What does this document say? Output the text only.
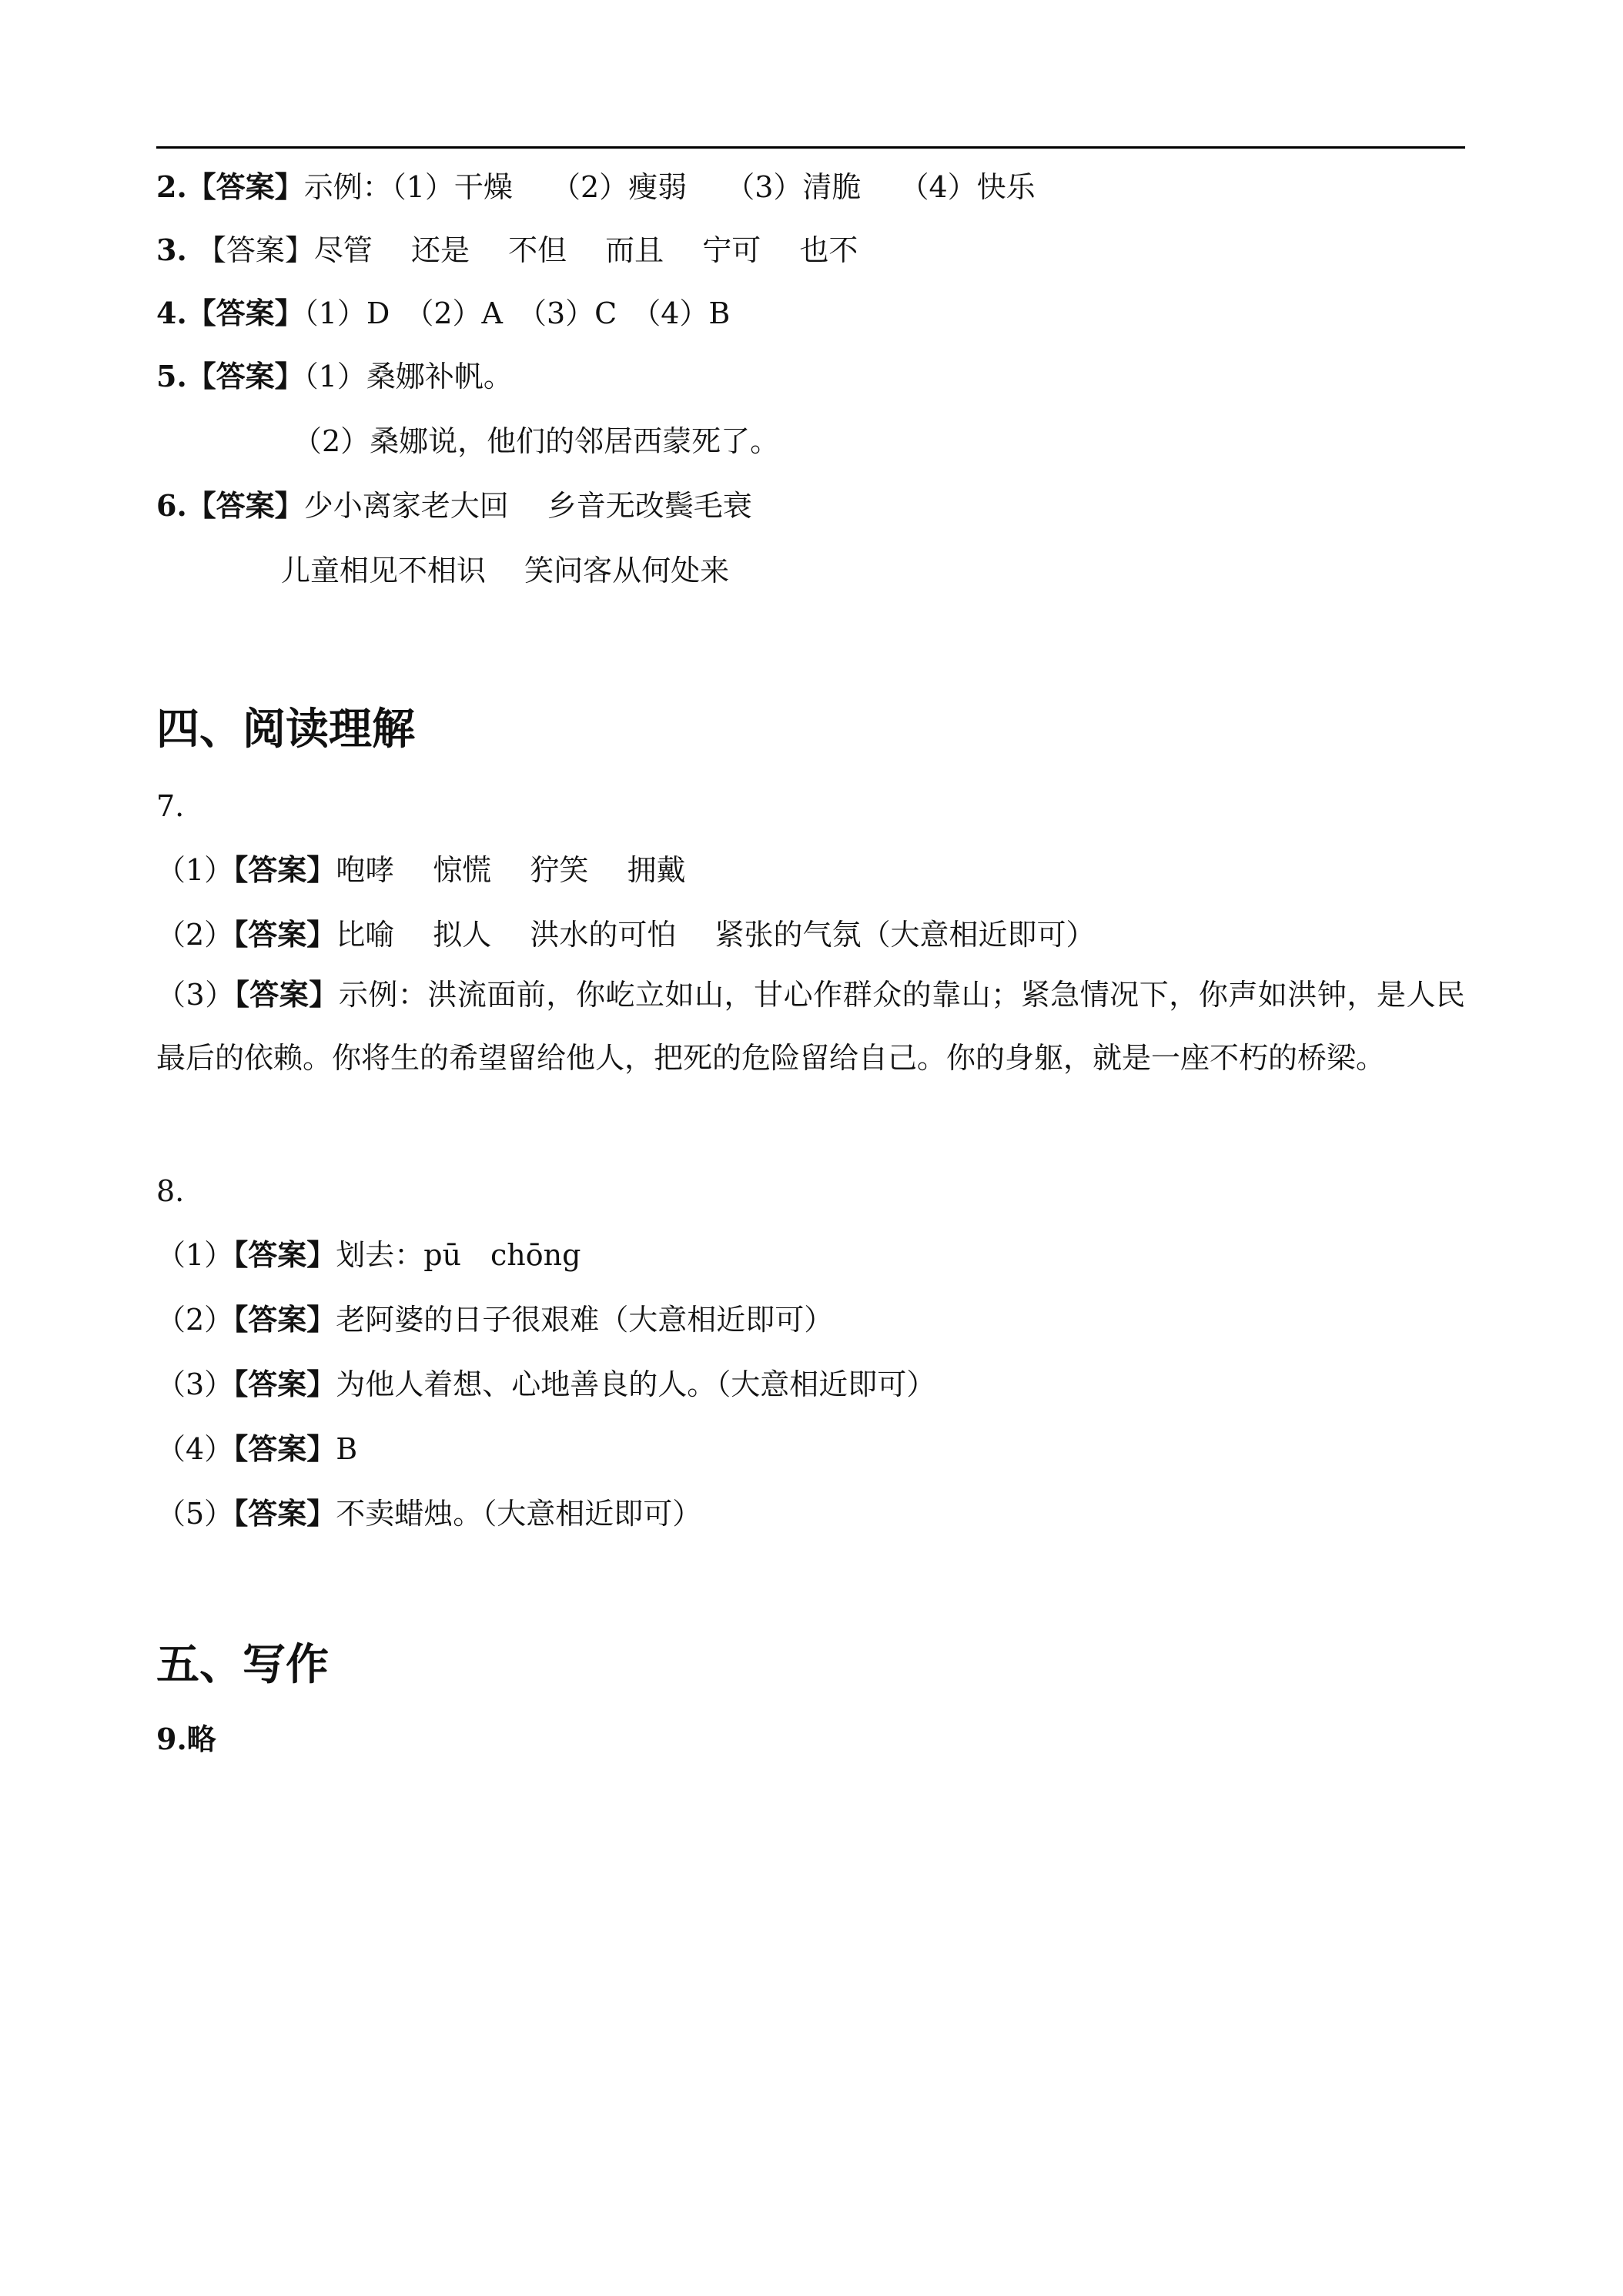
2.【答案】示例：（1）干燥　 （2）瘦弱　 （3）清脆　 （4）快乐

3. 【答案】尽管　 还是　 不但　 而且　 宁可　 也不

4.【答案】（1）D　（2）A　（3）C　（4）B

5.【答案】（1）桑娜补帆。

（2）桑娜说，他们的邻居西蒙死了。

6.【答案】少小离家老大回　 乡音无改鬓毛衰

儿童相见不相识　 笑问客从何处来

四、阅读理解

7.

（1）【答案】咆哮　 惊慌　 狞笑　 拥戴

（2）【答案】比喻　 拟人　 洪水的可怕　 紧张的气氛（大意相近即可）

（3）【答案】示例：洪流面前，你屹立如山，甘心作群众的靠山；紧急情况下，你声如洪钟，是人民最后的依赖。你将生的希望留给他人，把死的危险留给自己。你的身躯，就是一座不朽的桥梁。

8.

（1）【答案】划去：pū　chōng

（2）【答案】老阿婆的日子很艰难（大意相近即可）

（3）【答案】为他人着想、心地善良的人。（大意相近即可）

（4）【答案】B

（5）【答案】不卖蜡烛。（大意相近即可）

五、写作

9.略
